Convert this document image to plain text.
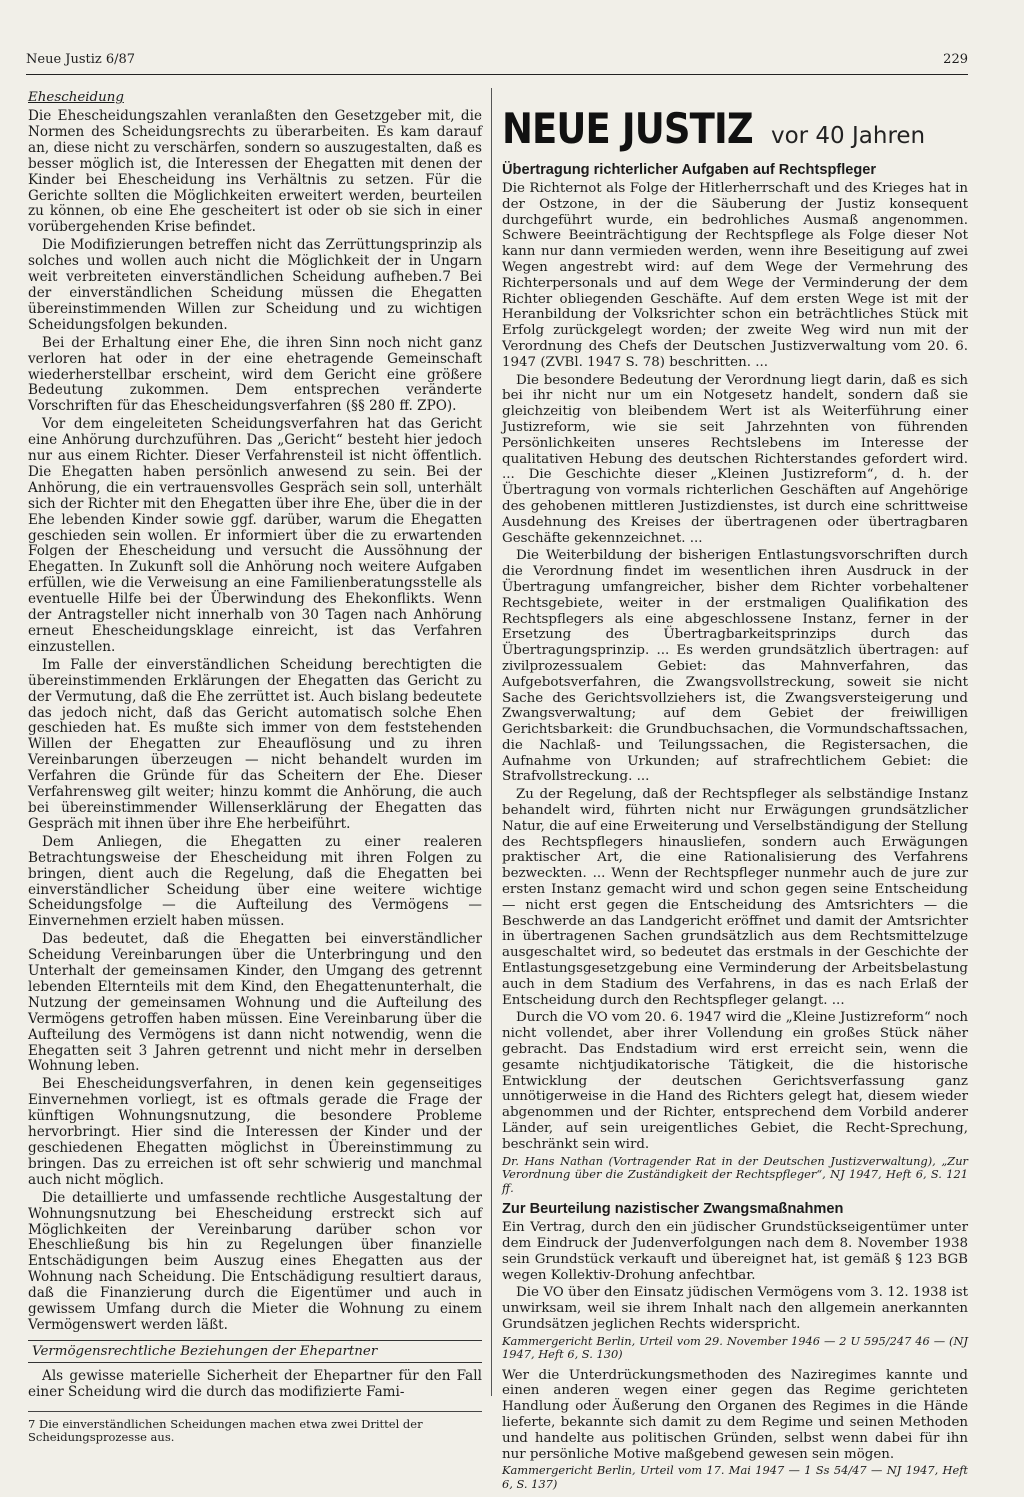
Neue Justiz 6/87	229
Ehescheidung

Die Ehescheidungszahlen veranlaßten den Gesetzgeber mit, die Normen des Scheidungsrechts zu überarbeiten. Es kam darauf an, diese nicht zu verschärfen, sondern so auszugestalten, daß es besser möglich ist, die Interessen der Ehegatten mit denen der Kinder bei Ehescheidung ins Verhältnis zu setzen. Für die Gerichte sollten die Möglichkeiten erweitert werden, beurteilen zu können, ob eine Ehe gescheitert ist oder ob sie sich in einer vorübergehenden Krise befindet.

Die Modifizierungen betreffen nicht das Zerrüttungsprinzip als solches und wollen auch nicht die Möglichkeit der in Ungarn weit verbreiteten einverständlichen Scheidung aufheben.7 Bei der einverständlichen Scheidung müssen die Ehegatten übereinstimmenden Willen zur Scheidung und zu wichtigen Scheidungsfolgen bekunden.

Bei der Erhaltung einer Ehe, die ihren Sinn noch nicht ganz verloren hat oder in der eine ehetragende Gemeinschaft wiederherstellbar erscheint, wird dem Gericht eine größere Bedeutung zukommen. Dem entsprechen veränderte Vorschriften für das Ehescheidungsverfahren (§§ 280 ff. ZPO).

Vor dem eingeleiteten Scheidungsverfahren hat das Gericht eine Anhörung durchzuführen. Das „Gericht“ besteht hier jedoch nur aus einem Richter. Dieser Verfahrensteil ist nicht öffentlich. Die Ehegatten haben persönlich anwesend zu sein. Bei der Anhörung, die ein vertrauensvolles Gespräch sein soll, unterhält sich der Richter mit den Ehegatten über ihre Ehe, über die in der Ehe lebenden Kinder sowie ggf. darüber, warum die Ehegatten geschieden sein wollen. Er informiert über die zu erwartenden Folgen der Ehescheidung und versucht die Aussöhnung der Ehegatten. In Zukunft soll die Anhörung noch weitere Aufgaben erfüllen, wie die Verweisung an eine Familienberatungsstelle als eventuelle Hilfe bei der Überwindung des Ehekonflikts. Wenn der Antragsteller nicht innerhalb von 30 Tagen nach Anhörung erneut Ehescheidungsklage einreicht, ist das Verfahren einzustellen.

Im Falle der einverständlichen Scheidung berechtigten die übereinstimmenden Erklärungen der Ehegatten das Gericht zu der Vermutung, daß die Ehe zerrüttet ist. Auch bislang bedeutete das jedoch nicht, daß das Gericht automatisch solche Ehen geschieden hat. Es mußte sich immer von dem feststehenden Willen der Ehegatten zur Eheauflösung und zu ihren Vereinbarungen überzeugen — nicht behandelt wurden im Verfahren die Gründe für das Scheitern der Ehe. Dieser Verfahrensweg gilt weiter; hinzu kommt die Anhörung, die auch bei übereinstimmender Willenserklärung der Ehegatten das Gespräch mit ihnen über ihre Ehe herbeiführt.

Dem Anliegen, die Ehegatten zu einer realeren Betrachtungsweise der Ehescheidung mit ihren Folgen zu bringen, dient auch die Regelung, daß die Ehegatten bei einverständlicher Scheidung über eine weitere wichtige Scheidungsfolge — die Aufteilung des Vermögens — Einvernehmen erzielt haben müssen.

Das bedeutet, daß die Ehegatten bei einverständlicher Scheidung Vereinbarungen über die Unterbringung und den Unterhalt der gemeinsamen Kinder, den Umgang des getrennt lebenden Elternteils mit dem Kind, den Ehegattenunterhalt, die Nutzung der gemeinsamen Wohnung und die Aufteilung des Vermögens getroffen haben müssen. Eine Vereinbarung über die Aufteilung des Vermögens ist dann nicht notwendig, wenn die Ehegatten seit 3 Jahren getrennt und nicht mehr in derselben Wohnung leben.

Bei Ehescheidungsverfahren, in denen kein gegenseitiges Einvernehmen vorliegt, ist es oftmals gerade die Frage der künftigen Wohnungsnutzung, die besondere Probleme hervorbringt. Hier sind die Interessen der Kinder und der geschiedenen Ehegatten möglichst in Übereinstimmung zu bringen. Das zu erreichen ist oft sehr schwierig und manchmal auch nicht möglich.

Die detaillierte und umfassende rechtliche Ausgestaltung der Wohnungsnutzung bei Ehescheidung erstreckt sich auf Möglichkeiten der Vereinbarung darüber schon vor Eheschließung bis hin zu Regelungen über finanzielle Entschädigungen beim Auszug eines Ehegatten aus der Wohnung nach Scheidung. Die Entschädigung resultiert daraus, daß die Finanzierung durch die Eigentümer und auch in gewissem Umfang durch die Mieter die Wohnung zu einem Vermögenswert werden läßt.

Vermögensrechtliche Beziehungen der Ehepartner

Als gewisse materielle Sicherheit der Ehepartner für den Fall einer Scheidung wird die durch das modifizierte Fami-

7 Die einverständlichen Scheidungen machen etwa zwei Drittel der Scheidungsprozesse aus.
NEUE JUSTIZ vor 40 Jahren
Übertragung richterlicher Aufgaben auf Rechtspfleger

Die Richternot als Folge der Hitlerherrschaft und des Krieges hat in der Ostzone, in der die Säuberung der Justiz konsequent durchgeführt wurde, ein bedrohliches Ausmaß angenommen. Schwere Beeinträchtigung der Rechtspflege als Folge dieser Not kann nur dann vermieden werden, wenn ihre Beseitigung auf zwei Wegen angestrebt wird: auf dem Wege der Vermehrung des Richterpersonals und auf dem Wege der Verminderung der dem Richter obliegenden Geschäfte. Auf dem ersten Wege ist mit der Heranbildung der Volksrichter schon ein beträchtliches Stück mit Erfolg zurückgelegt worden; der zweite Weg wird nun mit der Verordnung des Chefs der Deutschen Justizverwaltung vom 20. 6. 1947 (ZVBl. 1947 S. 78) beschritten. ...

Die besondere Bedeutung der Verordnung liegt darin, daß es sich bei ihr nicht nur um ein Notgesetz handelt, sondern daß sie gleichzeitig von bleibendem Wert ist als Weiterführung einer Justizreform, wie sie seit Jahrzehnten von führenden Persönlichkeiten unseres Rechtslebens im Interesse der qualitativen Hebung des deutschen Richterstandes gefordert wird. ... Die Geschichte dieser „Kleinen Justizreform“, d. h. der Übertragung von vormals richterlichen Geschäften auf Angehörige des gehobenen mittleren Justizdienstes, ist durch eine schrittweise Ausdehnung des Kreises der übertragenen oder übertragbaren Geschäfte gekennzeichnet. ...

Die Weiterbildung der bisherigen Entlastungsvorschriften durch die Verordnung findet im wesentlichen ihren Ausdruck in der Übertragung umfangreicher, bisher dem Richter vorbehaltener Rechtsgebiete, weiter in der erstmaligen Qualifikation des Rechtspflegers als eine abgeschlossene Instanz, ferner in der Ersetzung des Übertragbarkeitsprinzips durch das Übertragungsprinzip. ... Es werden grundsätzlich übertragen: auf zivilprozessualem Gebiet: das Mahnverfahren, das Aufgebotsverfahren, die Zwangsvollstreckung, soweit sie nicht Sache des Gerichtsvollziehers ist, die Zwangsversteigerung und Zwangsverwaltung; auf dem Gebiet der freiwilligen Gerichtsbarkeit: die Grundbuchsachen, die Vormundschaftssachen, die Nachlaß- und Teilungssachen, die Registersachen, die Aufnahme von Urkunden; auf strafrechtlichem Gebiet: die Strafvollstreckung. ...

Zu der Regelung, daß der Rechtspfleger als selbständige Instanz behandelt wird, führten nicht nur Erwägungen grundsätzlicher Natur, die auf eine Erweiterung und Verselbständigung der Stellung des Rechtspflegers hinausliefen, sondern auch Erwägungen praktischer Art, die eine Rationalisierung des Verfahrens bezweckten. ... Wenn der Rechtspfleger nunmehr auch de jure zur ersten Instanz gemacht wird und schon gegen seine Entscheidung — nicht erst gegen die Entscheidung des Amtsrichters — die Beschwerde an das Landgericht eröffnet und damit der Amtsrichter in übertragenen Sachen grundsätzlich aus dem Rechtsmittelzuge ausgeschaltet wird, so bedeutet das erstmals in der Geschichte der Entlastungsgesetzgebung eine Verminderung der Arbeitsbelastung auch in dem Stadium des Verfahrens, in das es nach Erlaß der Entscheidung durch den Rechtspfleger gelangt. ...

Durch die VO vom 20. 6. 1947 wird die „Kleine Justizreform“ noch nicht vollendet, aber ihrer Vollendung ein großes Stück näher gebracht. Das Endstadium wird erst erreicht sein, wenn die gesamte nichtjudikatorische Tätigkeit, die die historische Entwicklung der deutschen Gerichtsverfassung ganz unnötigerweise in die Hand des Richters gelegt hat, diesem wieder abgenommen und der Richter, entsprechend dem Vorbild anderer Länder, auf sein ureigentliches Gebiet, die Recht-Sprechung, beschränkt sein wird.

Dr. Hans Nathan (Vortragender Rat in der Deutschen Justizverwaltung), „Zur Verordnung über die Zuständigkeit der Rechtspfleger“, NJ 1947, Heft 6, S. 121 ff.

Zur Beurteilung nazistischer Zwangsmaßnahmen

Ein Vertrag, durch den ein jüdischer Grundstückseigentümer unter dem Eindruck der Judenverfolgungen nach dem 8. November 1938 sein Grundstück verkauft und übereignet hat, ist gemäß § 123 BGB wegen Kollektiv-Drohung anfechtbar.

Die VO über den Einsatz jüdischen Vermögens vom 3. 12. 1938 ist unwirksam, weil sie ihrem Inhalt nach den allgemein anerkannten Grundsätzen jeglichen Rechts widerspricht.

Kammergericht Berlin, Urteil vom 29. November 1946 — 2 U 595/247 46 — (NJ 1947, Heft 6, S. 130)

Wer die Unterdrückungsmethoden des Naziregimes kannte und einen anderen wegen einer gegen das Regime gerichteten Handlung oder Äußerung den Organen des Regimes in die Hände lieferte, bekannte sich damit zu dem Regime und seinen Methoden und handelte aus politischen Gründen, selbst wenn dabei für ihn nur persönliche Motive maßgebend gewesen sein mögen.

Kammergericht Berlin, Urteil vom 17. Mai 1947 — 1 Ss 54/47 — NJ 1947, Heft 6, S. 137)
